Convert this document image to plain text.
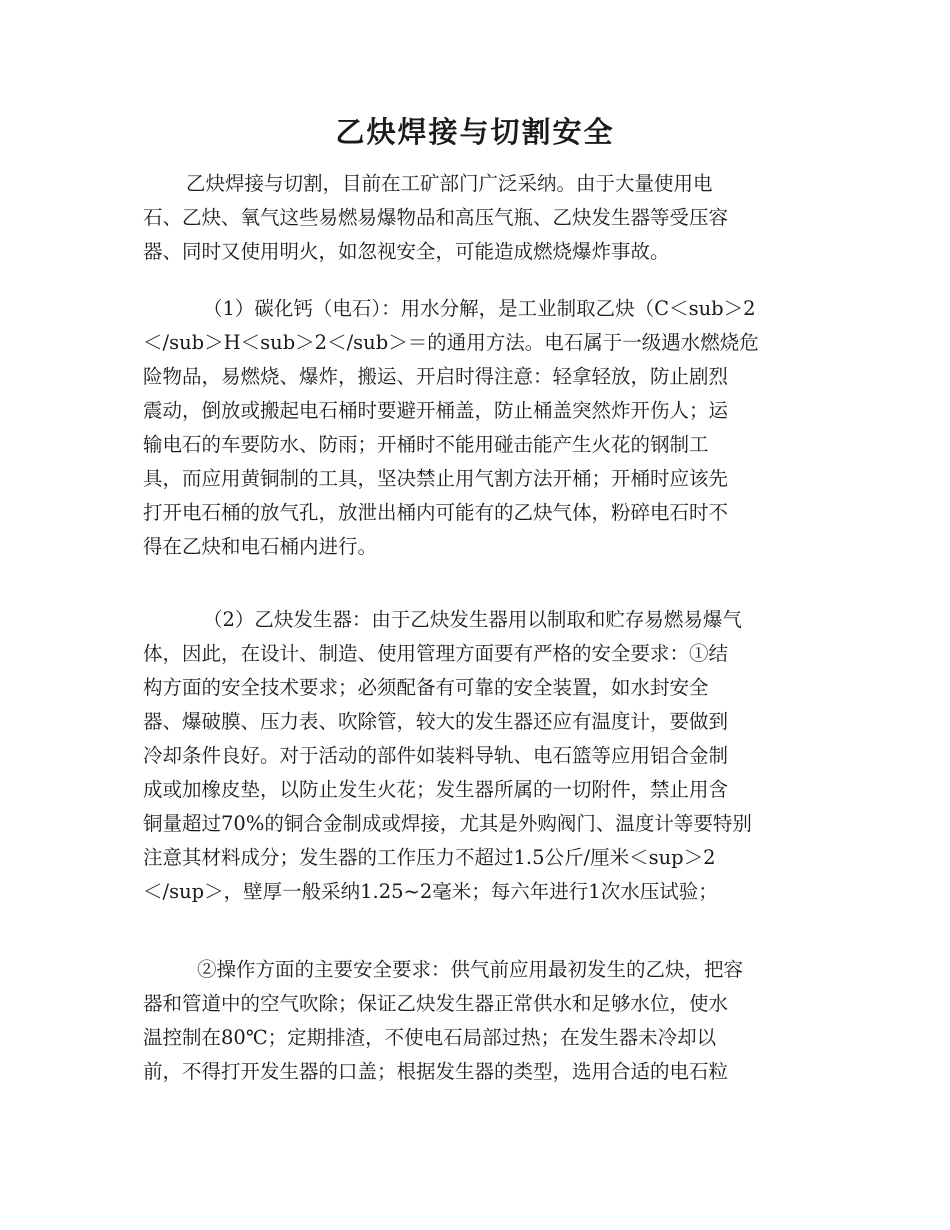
乙炔焊接与切割安全

乙炔焊接与切割，目前在工矿部门广泛采纳。由于大量使用电
石、乙炔、氧气这些易燃易爆物品和高压气瓶、乙炔发生器等受压容
器、同时又使用明火，如忽视安全，可能造成燃烧爆炸事故。

（1）碳化钙（电石）：用水分解，是工业制取乙炔（C＜sub＞2
＜/sub＞H＜sub＞2＜/sub＞＝的通用方法。电石属于一级遇水燃烧危
险物品，易燃烧、爆炸，搬运、开启时得注意：轻拿轻放，防止剧烈
震动，倒放或搬起电石桶时要避开桶盖，防止桶盖突然炸开伤人；运
输电石的车要防水、防雨；开桶时不能用碰击能产生火花的钢制工
具，而应用黄铜制的工具，坚决禁止用气割方法开桶；开桶时应该先
打开电石桶的放气孔，放泄出桶内可能有的乙炔气体，粉碎电石时不
得在乙炔和电石桶内进行。

（2）乙炔发生器：由于乙炔发生器用以制取和贮存易燃易爆气
体，因此，在设计、制造、使用管理方面要有严格的安全要求：①结
构方面的安全技术要求；必须配备有可靠的安全装置，如水封安全
器、爆破膜、压力表、吹除管，较大的发生器还应有温度计，要做到
冷却条件良好。对于活动的部件如装料导轨、电石篮等应用铝合金制
成或加橡皮垫，以防止发生火花；发生器所属的一切附件，禁止用含
铜量超过70%的铜合金制成或焊接，尤其是外购阀门、温度计等要特别
注意其材料成分；发生器的工作压力不超过1.5公斤/厘米＜sup＞2
＜/sup＞，壁厚一般采纳1.25~2毫米；每六年进行1次水压试验；

②操作方面的主要安全要求：供气前应用最初发生的乙炔，把容
器和管道中的空气吹除；保证乙炔发生器正常供水和足够水位，使水
温控制在80℃；定期排渣，不使电石局部过热；在发生器未冷却以
前，不得打开发生器的口盖；根据发生器的类型，选用合适的电石粒
